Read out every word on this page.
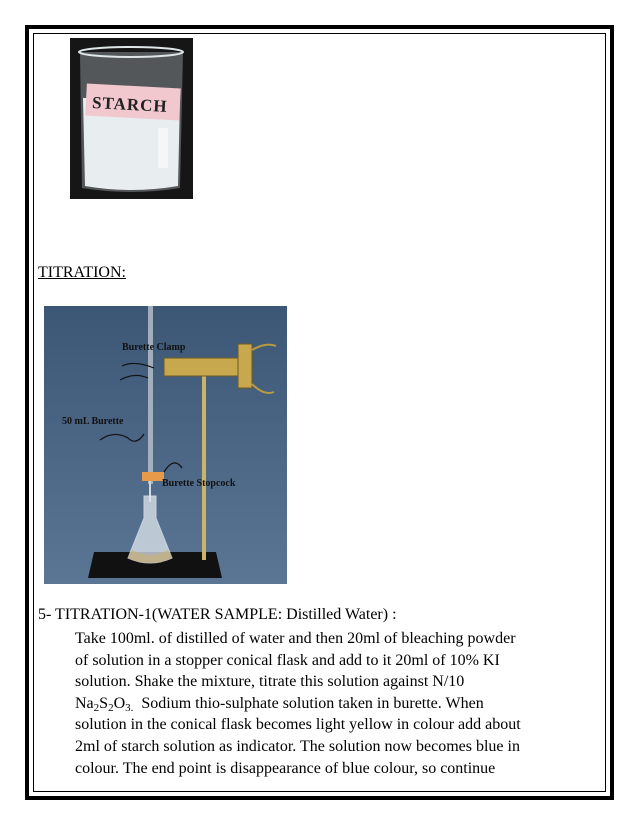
STARCH
TITRATION:
Burette Clamp
50 mL Burette
Burette Stopcock
5- TITRATION-1(WATER SAMPLE: Distilled Water) :
Take 100ml. of distilled of water and then 20ml of bleaching powder
of solution in a stopper conical flask and add to it 20ml of 10% KI
solution. Shake the mixture, titrate this solution against N/10
$Na_2S_2O_{3.}$ Sodium thio-sulphate solution taken in burette. When
solution in the conical flask becomes light yellow in colour add about
2ml of starch solution as indicator. The solution now becomes blue in
colour. The end point is disappearance of blue colour, so continue
